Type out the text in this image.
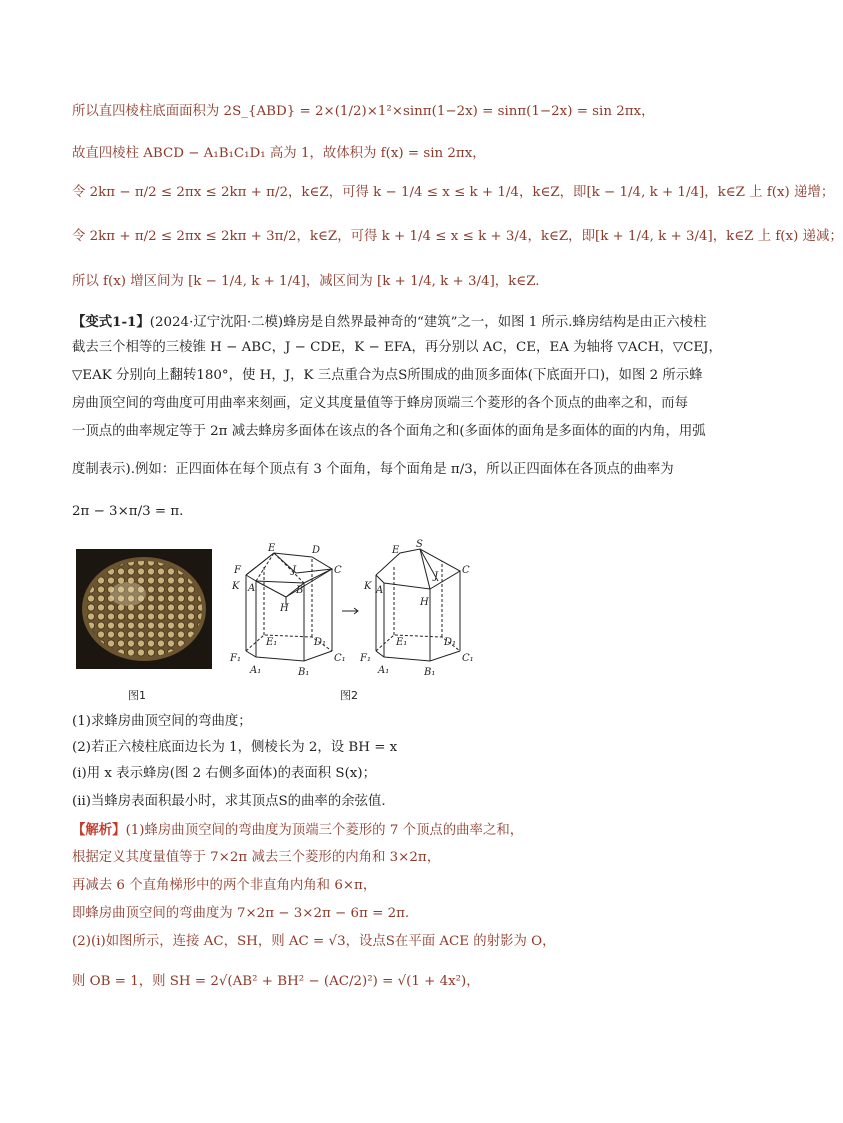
所以直四棱柱底面面积为 2S_{ABD} = 2×(1/2)×1²×sinπ(1−2x) = sinπ(1−2x) = sin 2πx，
故直四棱柱 ABCD − A₁B₁C₁D₁ 高为 1，故体积为 f(x) = sin 2πx，
令 2kπ − π/2 ≤ 2πx ≤ 2kπ + π/2，k∈Z，可得 k − 1/4 ≤ x ≤ k + 1/4，k∈Z，即[k − 1/4, k + 1/4]，k∈Z 上 f(x) 递增；
令 2kπ + π/2 ≤ 2πx ≤ 2kπ + 3π/2，k∈Z，可得 k + 1/4 ≤ x ≤ k + 3/4，k∈Z，即[k + 1/4, k + 3/4]，k∈Z 上 f(x) 递减；
所以 f(x) 增区间为 [k − 1/4, k + 1/4]，减区间为 [k + 1/4, k + 3/4]，k∈Z.
【变式1-1】(2024·辽宁沈阳·二模)蜂房是自然界最神奇的“建筑”之一，如图 1 所示.蜂房结构是由正六棱柱
截去三个相等的三棱锥 H − ABC，J − CDE，K − EFA，再分别以 AC，CE，EA 为轴将 ▽ACH，▽CEJ，
▽EAK 分别向上翻转180°，使 H，J，K 三点重合为点S所围成的曲顶多面体(下底面开口)，如图 2 所示蜂
房曲顶空间的弯曲度可用曲率来刻画，定义其度量值等于蜂房顶端三个菱形的各个顶点的曲率之和，而每
一顶点的曲率规定等于 2π 减去蜂房多面体在该点的各个面角之和(多面体的面角是多面体的面的内角，用弧
度制表示).例如：正四面体在每个顶点有 3 个面角，每个面角是 π/3，所以正四面体在各顶点的曲率为
2π − 3×π/3 = π.
图1
E	D
F	J	C
K A	B
H
E₁	D₁
F₁	C₁
A₁	B₁
E
S
J
C
K A
H
E₁	D₁
F₁	C₁
A₁	B₁
图2
(1)求蜂房曲顶空间的弯曲度；
(2)若正六棱柱底面边长为 1，侧棱长为 2，设 BH = x
(i)用 x 表示蜂房(图 2 右侧多面体)的表面积 S(x)；
(ii)当蜂房表面积最小时，求其顶点S的曲率的余弦值.
【解析】(1)蜂房曲顶空间的弯曲度为顶端三个菱形的 7 个顶点的曲率之和，
根据定义其度量值等于 7×2π 减去三个菱形的内角和 3×2π，
再减去 6 个直角梯形中的两个非直角内角和 6×π，
即蜂房曲顶空间的弯曲度为 7×2π − 3×2π − 6π = 2π.
(2)(i)如图所示，连接 AC，SH，则 AC = √3，设点S在平面 ACE 的射影为 O，
则 OB = 1，则 SH = 2√(AB² + BH² − (AC/2)²) = √(1 + 4x²)，
